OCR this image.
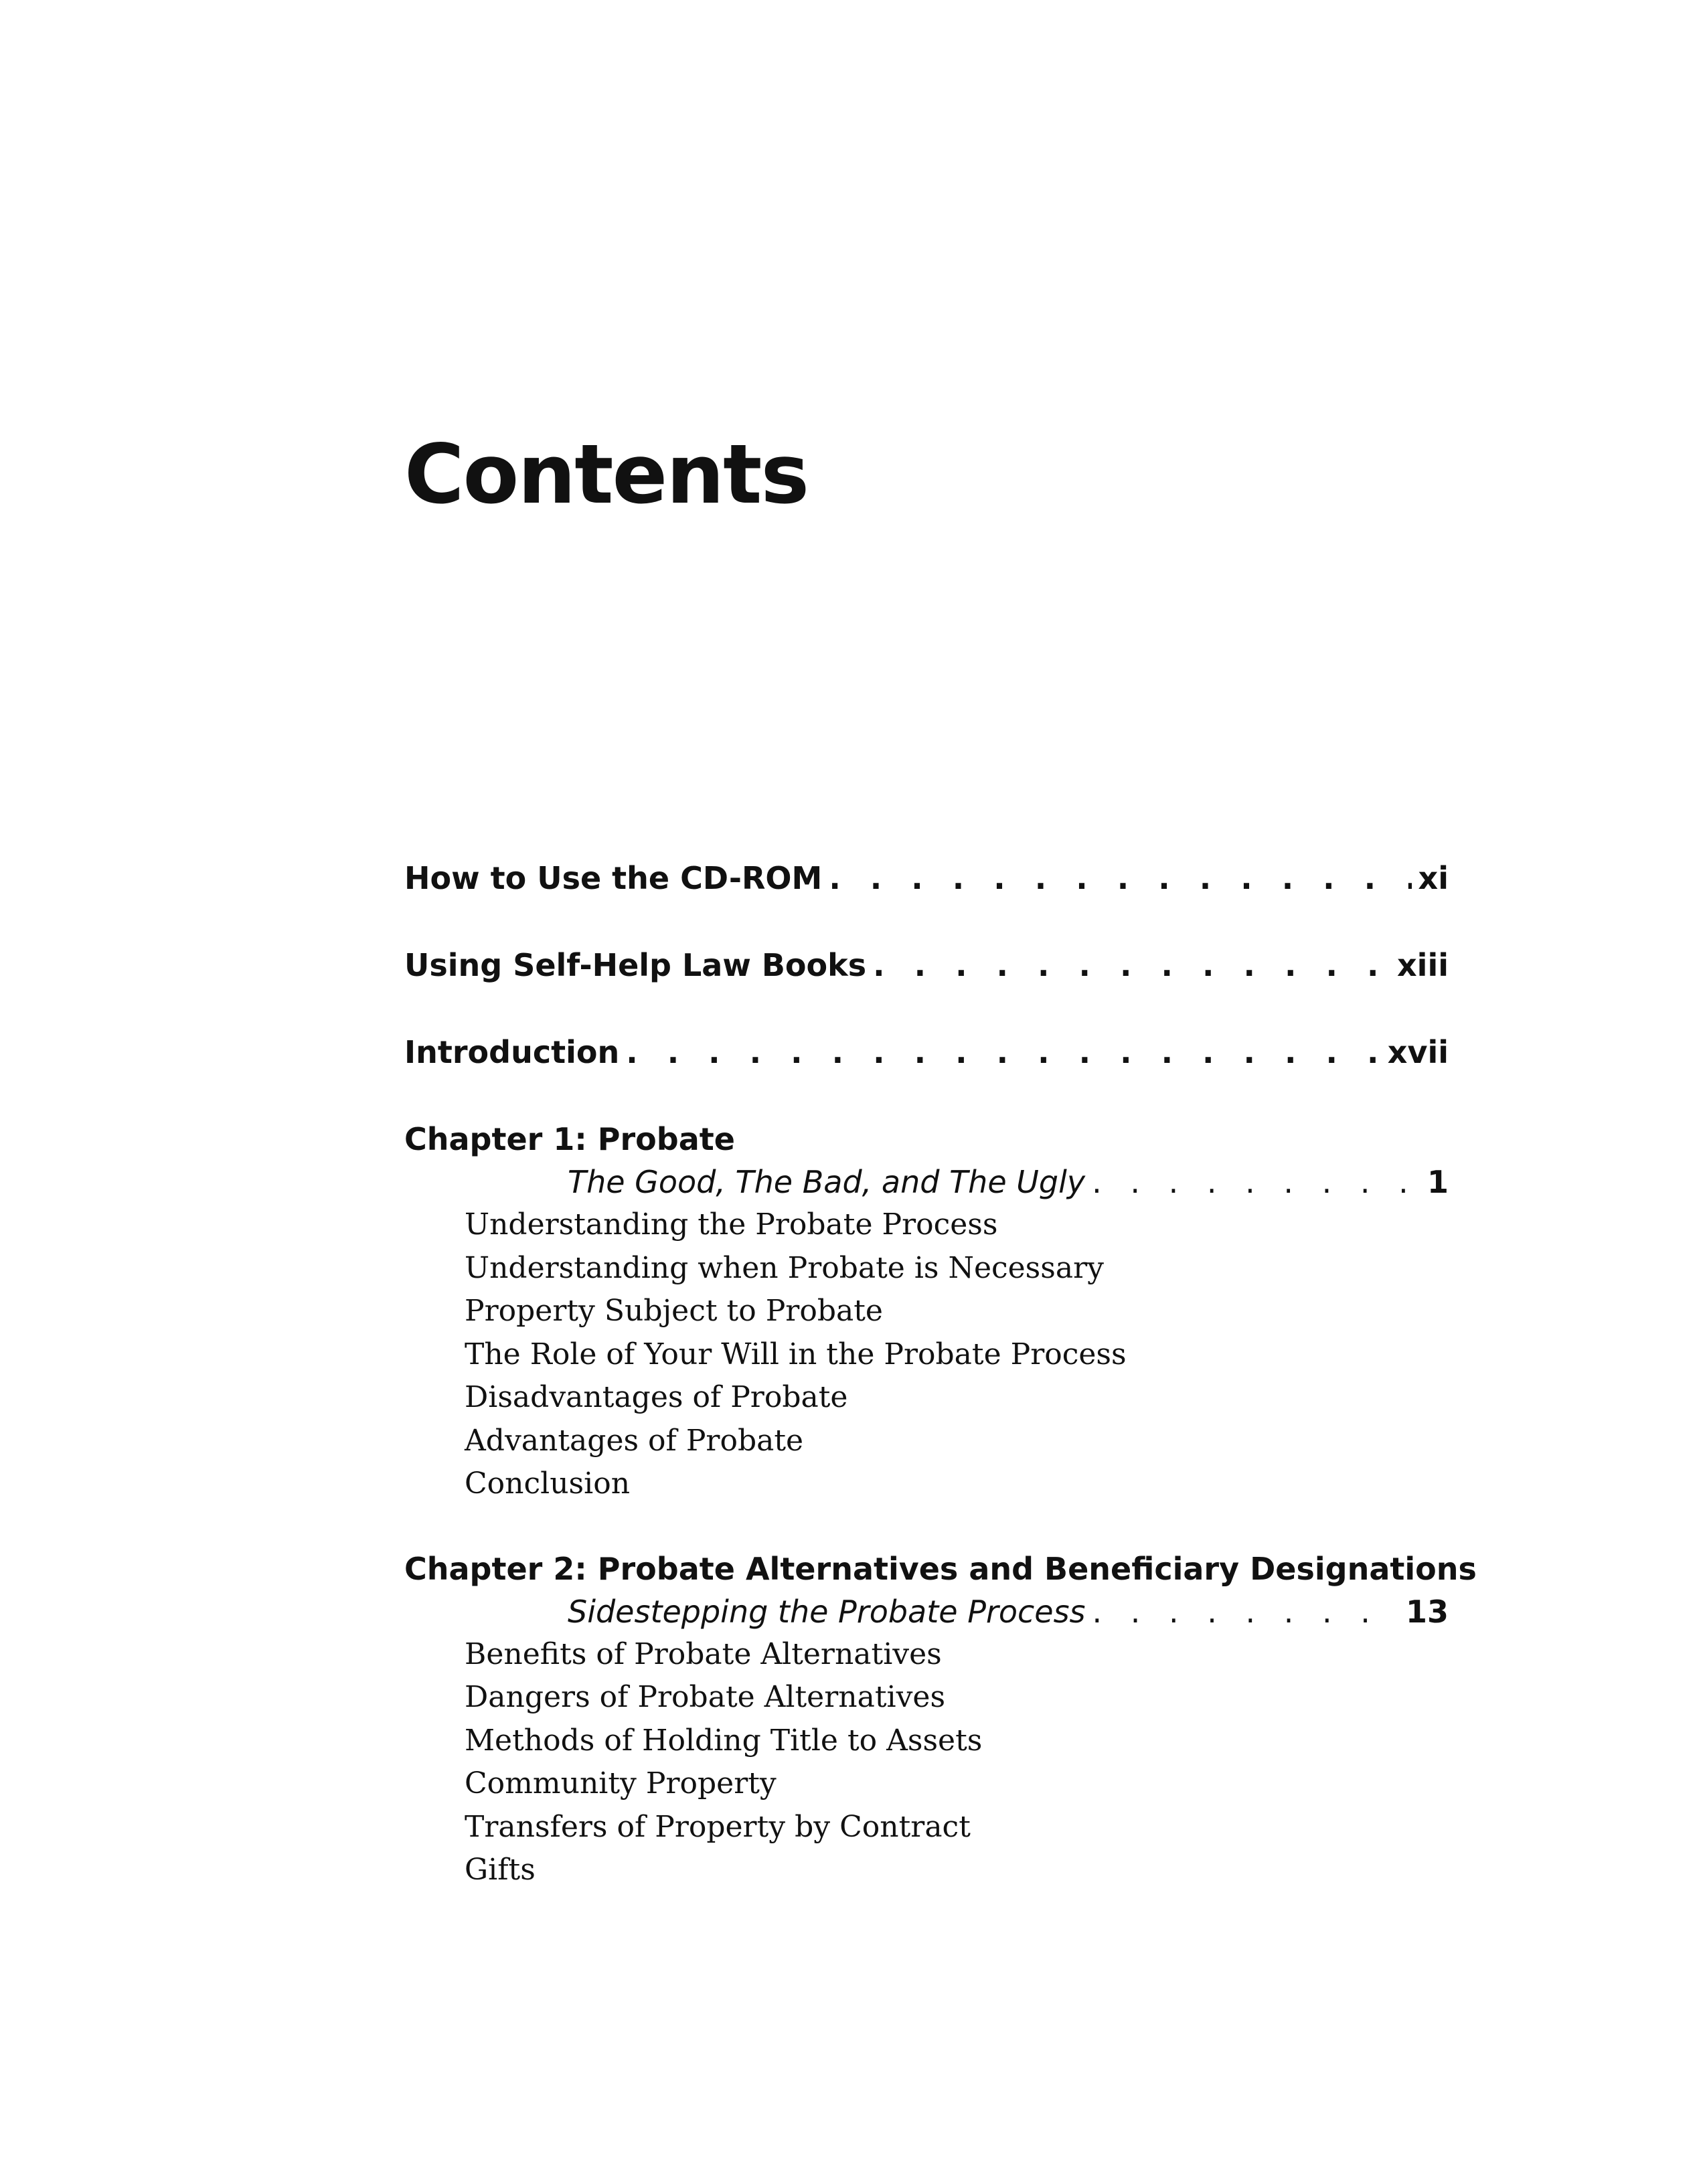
Contents
How to Use the CD-ROM . . .	xi
Using Self-Help Law Books . . .	xiii
Introduction . . .	xvii
Chapter 1: Probate
The Good, The Bad, and The Ugly . . .	1
Understanding the Probate Process
Understanding when Probate is Necessary
Property Subject to Probate
The Role of Your Will in the Probate Process
Disadvantages of Probate
Advantages of Probate
Conclusion
Chapter 2: Probate Alternatives and Beneficiary Designations
Sidestepping the Probate Process . . .	13
Benefits of Probate Alternatives
Dangers of Probate Alternatives
Methods of Holding Title to Assets
Community Property
Transfers of Property by Contract
Gifts
